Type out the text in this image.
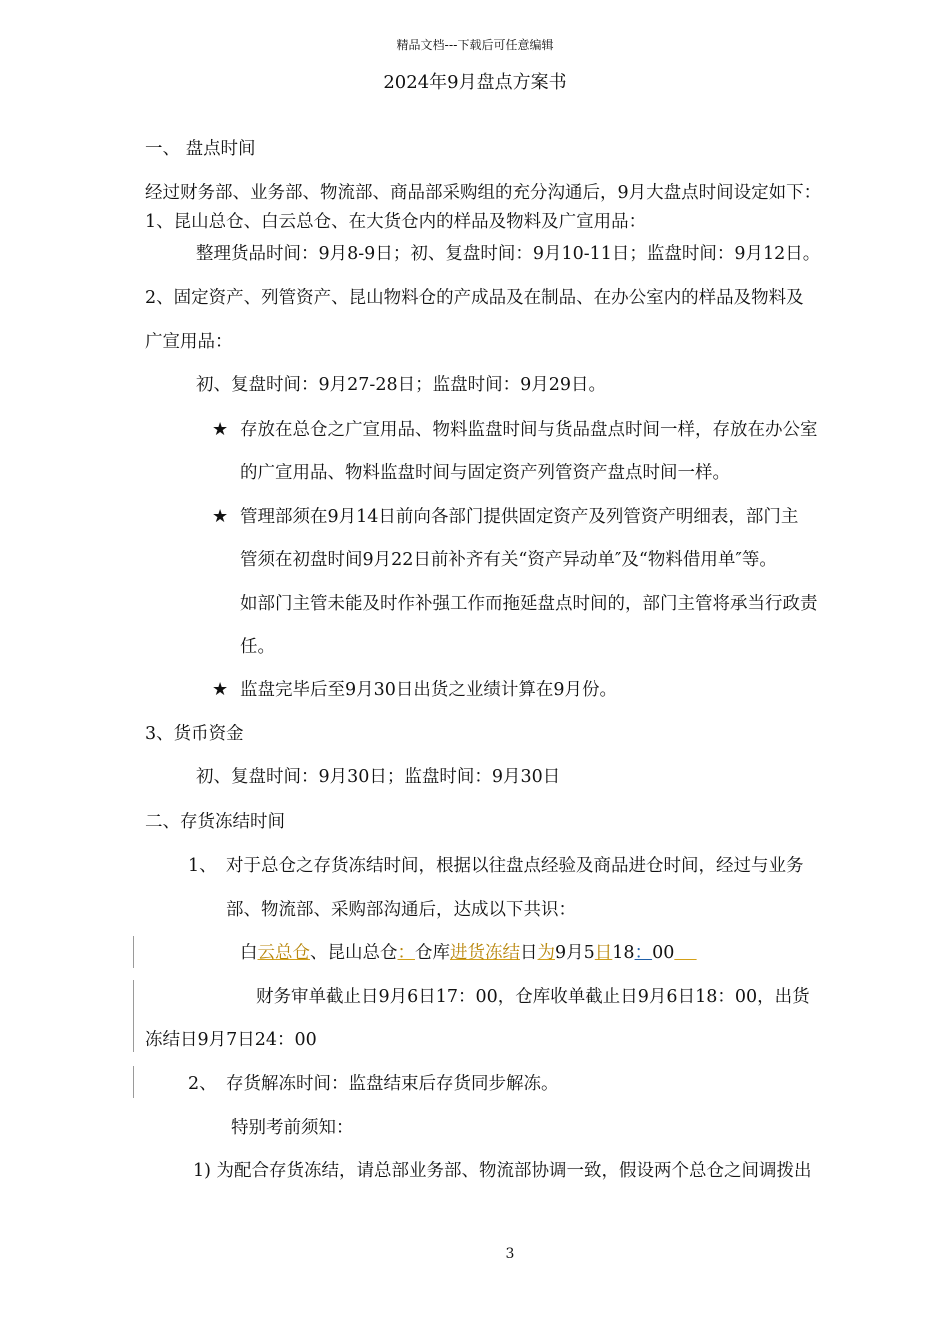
精品文档---下载后可任意编辑
2024年9月盘点方案书
一、 盘点时间
经过财务部、业务部、物流部、商品部采购组的充分沟通后，9月大盘点时间设定如下：
1、昆山总仓、白云总仓、在大货仓内的样品及物料及广宣用品：
整理货品时间：9月8-9日；初、复盘时间：9月10-11日；监盘时间：9月12日。
2、固定资产、列管资产、昆山物料仓的产成品及在制品、在办公室内的样品及物料及
广宣用品：
初、复盘时间：9月27-28日；监盘时间：9月29日。
★ 存放在总仓之广宣用品、物料监盘时间与货品盘点时间一样，存放在办公室
的广宣用品、物料监盘时间与固定资产列管资产盘点时间一样。
★ 管理部须在9月14日前向各部门提供固定资产及列管资产明细表，部门主
管须在初盘时间9月22日前补齐有关“资产异动单″及“物料借用单″等。
如部门主管未能及时作补强工作而拖延盘点时间的，部门主管将承当行政责
任。
★ 监盘完毕后至9月30日出货之业绩计算在9月份。
3、货币资金
初、复盘时间：9月30日；监盘时间：9月30日
二、存货冻结时间
1、 对于总仓之存货冻结时间，根据以往盘点经验及商品进仓时间，经过与业务
部、物流部、采购部沟通后，达成以下共识：
白云总仓、昆山总仓：仓库进货冻结日为9月5日18：00
财务审单截止日9月6日17：00，仓库收单截止日9月6日18：00，出货
冻结日9月7日24：00
2、 存货解冻时间：监盘结束后存货同步解冻。
特别考前须知：
1) 为配合存货冻结，请总部业务部、物流部协调一致，假设两个总仓之间调拨出
3
